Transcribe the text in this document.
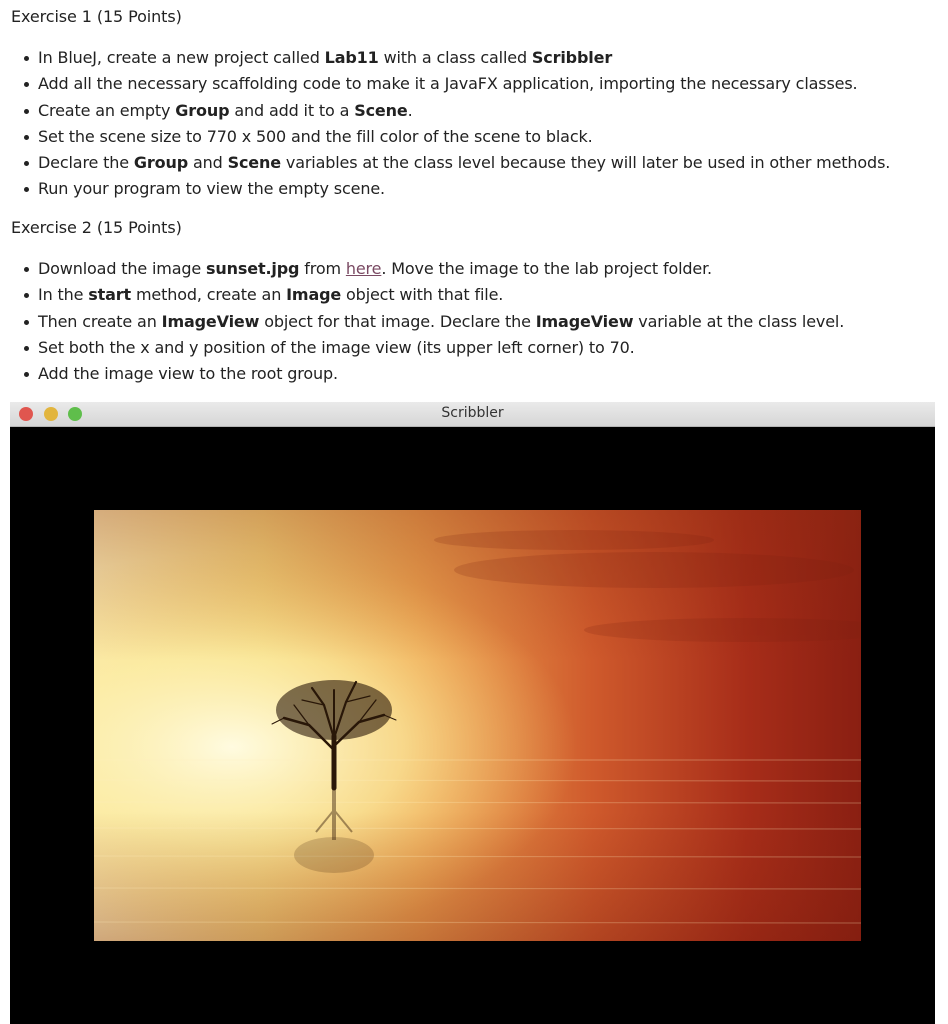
Exercise 1 (15 Points)
In BlueJ, create a new project called Lab11 with a class called Scribbler
Add all the necessary scaffolding code to make it a JavaFX application, importing the necessary classes.
Create an empty Group and add it to a Scene.
Set the scene size to 770 x 500 and the fill color of the scene to black.
Declare the Group and Scene variables at the class level because they will later be used in other methods.
Run your program to view the empty scene.
Exercise 2 (15 Points)
Download the image sunset.jpg from here. Move the image to the lab project folder.
In the start method, create an Image object with that file.
Then create an ImageView object for that image. Declare the ImageView variable at the class level.
Set both the x and y position of the image view (its upper left corner) to 70.
Add the image view to the root group.
Scribbler
